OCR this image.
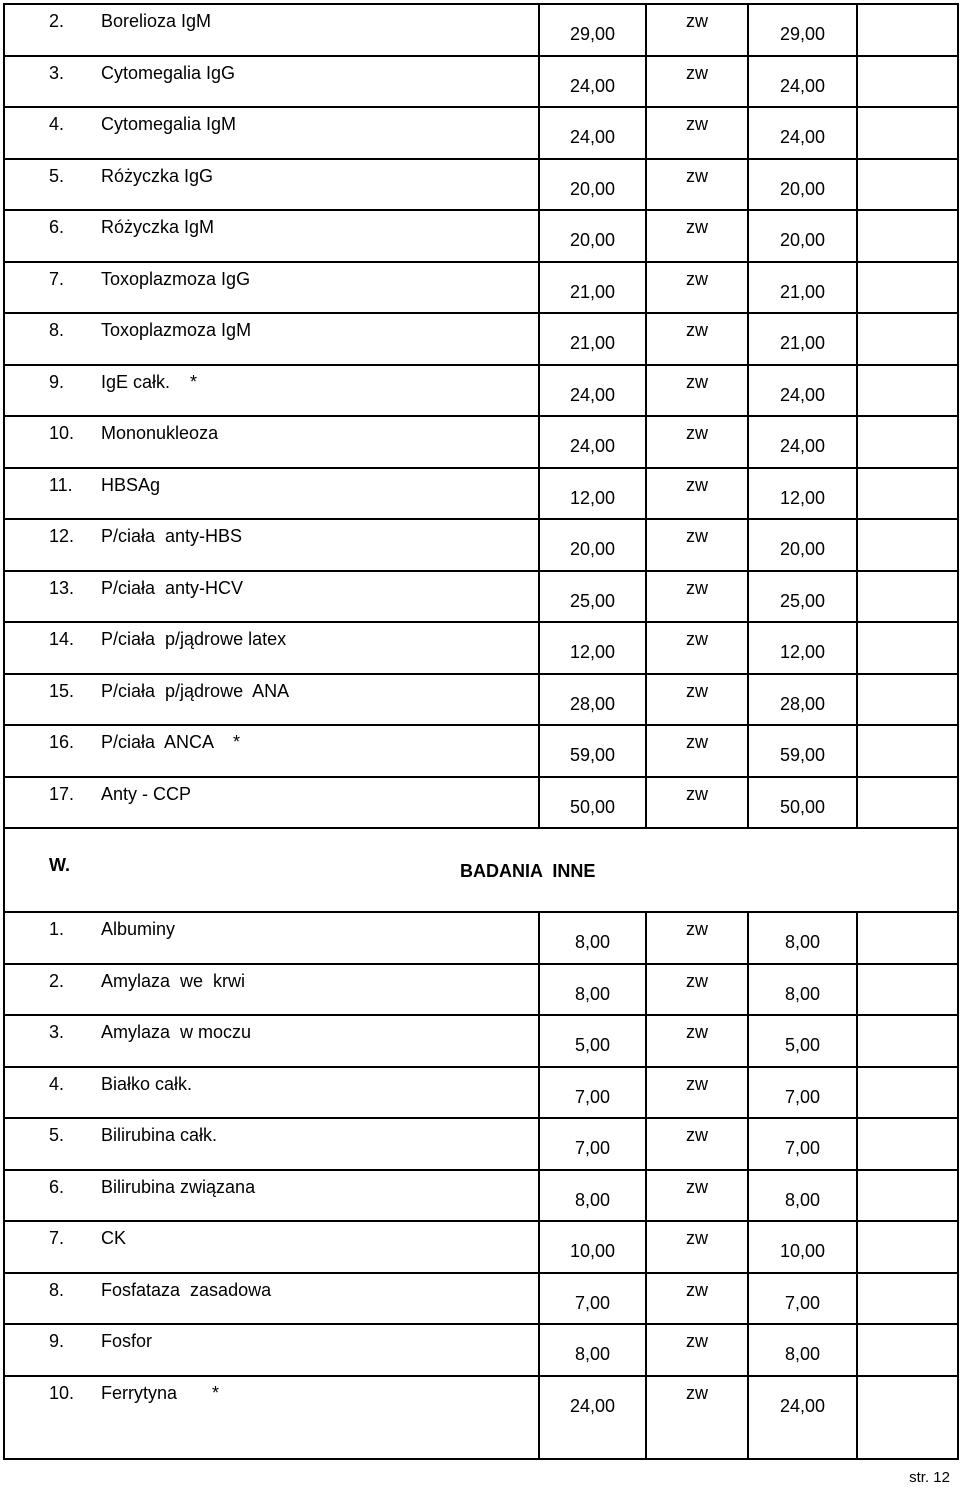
2. Borelioza IgM	29,00	zw	29,00	

3. Cytomegalia IgG	24,00	zw	24,00	

4. Cytomegalia IgM	24,00	zw	24,00	

5. Różyczka IgG	20,00	zw	20,00	

6. Różyczka IgM	20,00	zw	20,00	

7. Toxoplazmoza IgG	21,00	zw	21,00	

8. Toxoplazmoza IgM	21,00	zw	21,00	

9. IgE całk.    *	24,00	zw	24,00	

10. Mononukleoza	24,00	zw	24,00	

11. HBSAg	12,00	zw	12,00	

12. P/ciała  anty-HBS	20,00	zw	20,00	

13. P/ciała  anty-HCV	25,00	zw	25,00	

14. P/ciała  p/jądrowe latex	12,00	zw	12,00	

15. P/ciała  p/jądrowe  ANA	28,00	zw	28,00	

16. P/ciała  ANCA    *	59,00	zw	59,00	

17. Anty - CCP	50,00	zw	50,00	

W. BADANIA  INNE				

1. Albuminy	8,00	zw	8,00	

2. Amylaza  we  krwi	8,00	zw	8,00	

3. Amylaza  w moczu	5,00	zw	5,00	

4. Białko całk.	7,00	zw	7,00	

5. Bilirubina całk.	7,00	zw	7,00	

6. Bilirubina związana	8,00	zw	8,00	

7. CK	10,00	zw	10,00	

8. Fosfataza  zasadowa	7,00	zw	7,00	

9. Fosfor	8,00	zw	8,00	

10. Ferrytyna       *	24,00	zw	24,00	

str. 12
